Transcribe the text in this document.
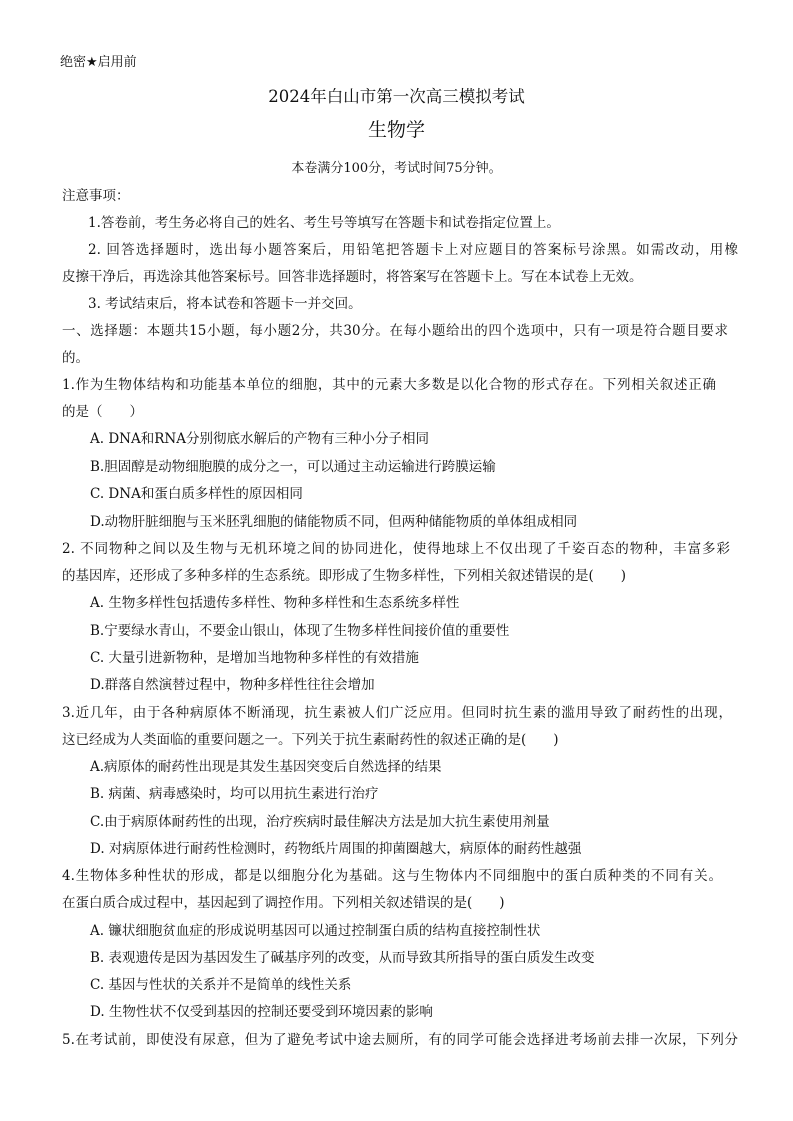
绝密★启用前
2024年白山市第一次高三模拟考试
生物学
本卷满分100分，考试时间75分钟。
注意事项：
1.答卷前，考生务必将自己的姓名、考生号等填写在答题卡和试卷指定位置上。
2. 回答选择题时，选出每小题答案后，用铅笔把答题卡上对应题目的答案标号涂黑。如需改动，用橡
皮擦干净后，再选涂其他答案标号。回答非选择题时，将答案写在答题卡上。写在本试卷上无效。
3. 考试结束后，将本试卷和答题卡一并交回。
一、选择题：本题共15小题，每小题2分，共30分。在每小题给出的四个选项中，只有一项是符合题目要求
的。
1.作为生物体结构和功能基本单位的细胞，其中的元素大多数是以化合物的形式存在。下列相关叙述正确
的是（　　）
A. DNA和RNA分别彻底水解后的产物有三种小分子相同
B.胆固醇是动物细胞膜的成分之一，可以通过主动运输进行跨膜运输
C. DNA和蛋白质多样性的原因相同
D.动物肝脏细胞与玉米胚乳细胞的储能物质不同，但两种储能物质的单体组成相同
2. 不同物种之间以及生物与无机环境之间的协同进化，使得地球上不仅出现了千姿百态的物种，丰富多彩
的基因库，还形成了多种多样的生态系统。即形成了生物多样性，下列相关叙述错误的是(　　)
A. 生物多样性包括遗传多样性、物种多样性和生态系统多样性
B.宁要绿水青山，不要金山银山，体现了生物多样性间接价值的重要性
C. 大量引进新物种，是增加当地物种多样性的有效措施
D.群落自然演替过程中，物种多样性往往会增加
3.近几年，由于各种病原体不断涌现，抗生素被人们广泛应用。但同时抗生素的滥用导致了耐药性的出现，
这已经成为人类面临的重要问题之一。下列关于抗生素耐药性的叙述正确的是(　　)
A.病原体的耐药性出现是其发生基因突变后自然选择的结果
B. 病菌、病毒感染时，均可以用抗生素进行治疗
C.由于病原体耐药性的出现，治疗疾病时最佳解决方法是加大抗生素使用剂量
D. 对病原体进行耐药性检测时，药物纸片周围的抑菌圈越大，病原体的耐药性越强
4.生物体多种性状的形成，都是以细胞分化为基础。这与生物体内不同细胞中的蛋白质种类的不同有关。
在蛋白质合成过程中，基因起到了调控作用。下列相关叙述错误的是(　　)
A. 镰状细胞贫血症的形成说明基因可以通过控制蛋白质的结构直接控制性状
B. 表观遗传是因为基因发生了碱基序列的改变，从而导致其所指导的蛋白质发生改变
C. 基因与性状的关系并不是简单的线性关系
D. 生物性状不仅受到基因的控制还要受到环境因素的影响
5.在考试前，即使没有尿意，但为了避免考试中途去厕所，有的同学可能会选择进考场前去排一次尿，下列分
